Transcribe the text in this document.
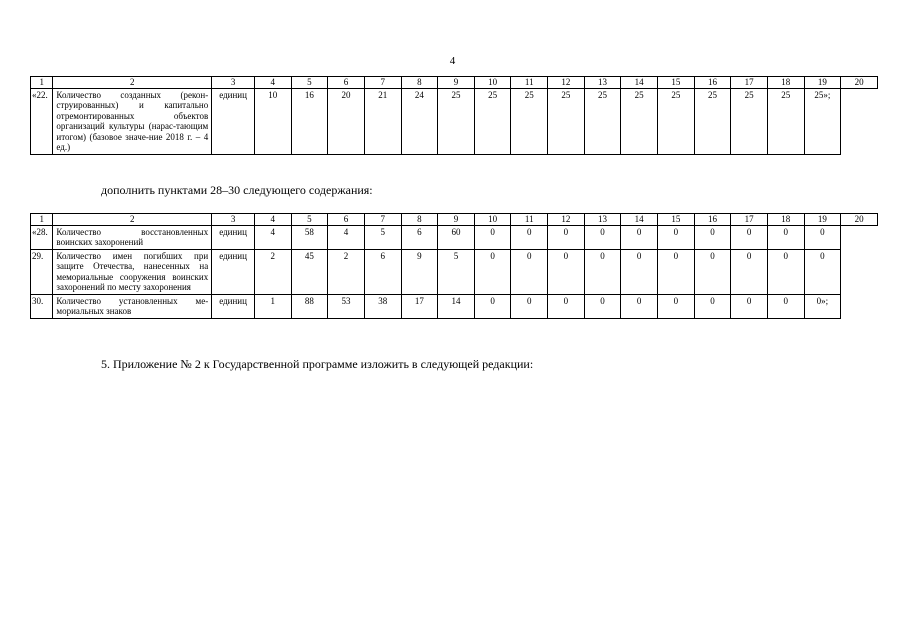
4
1	2	3	4	5	6	7	8	9	10	11	12	13	14	15	16	17	18	19	20
«22.	Количество созданных (рекон-струированных) и капитально отремонтированных объектов организаций культуры (нарас-тающим итогом) (базовое значе-ние 2018 г. – 4 ед.)	единиц	10	16	20	21	24	25	25	25	25	25	25	25	25	25	25	25»;	
дополнить пунктами 28–30 следующего содержания:
1	2	3	4	5	6	7	8	9	10	11	12	13	14	15	16	17	18	19	20
«28.	Количество восстановленных воинских захоронений	единиц	4	58	4	5	6	60	0	0	0	0	0	0	0	0	0	0	
29.	Количество имен погибших при защите Отечества, нанесенных на мемориальные сооружения воинских захоронений по месту захоронения	единиц	2	45	2	6	9	5	0	0	0	0	0	0	0	0	0	0	
30.	Количество установленных ме-мориальных знаков	единиц	1	88	53	38	17	14	0	0	0	0	0	0	0	0	0	0»;	
5. Приложение № 2 к Государственной программе изложить в следующей редакции:
